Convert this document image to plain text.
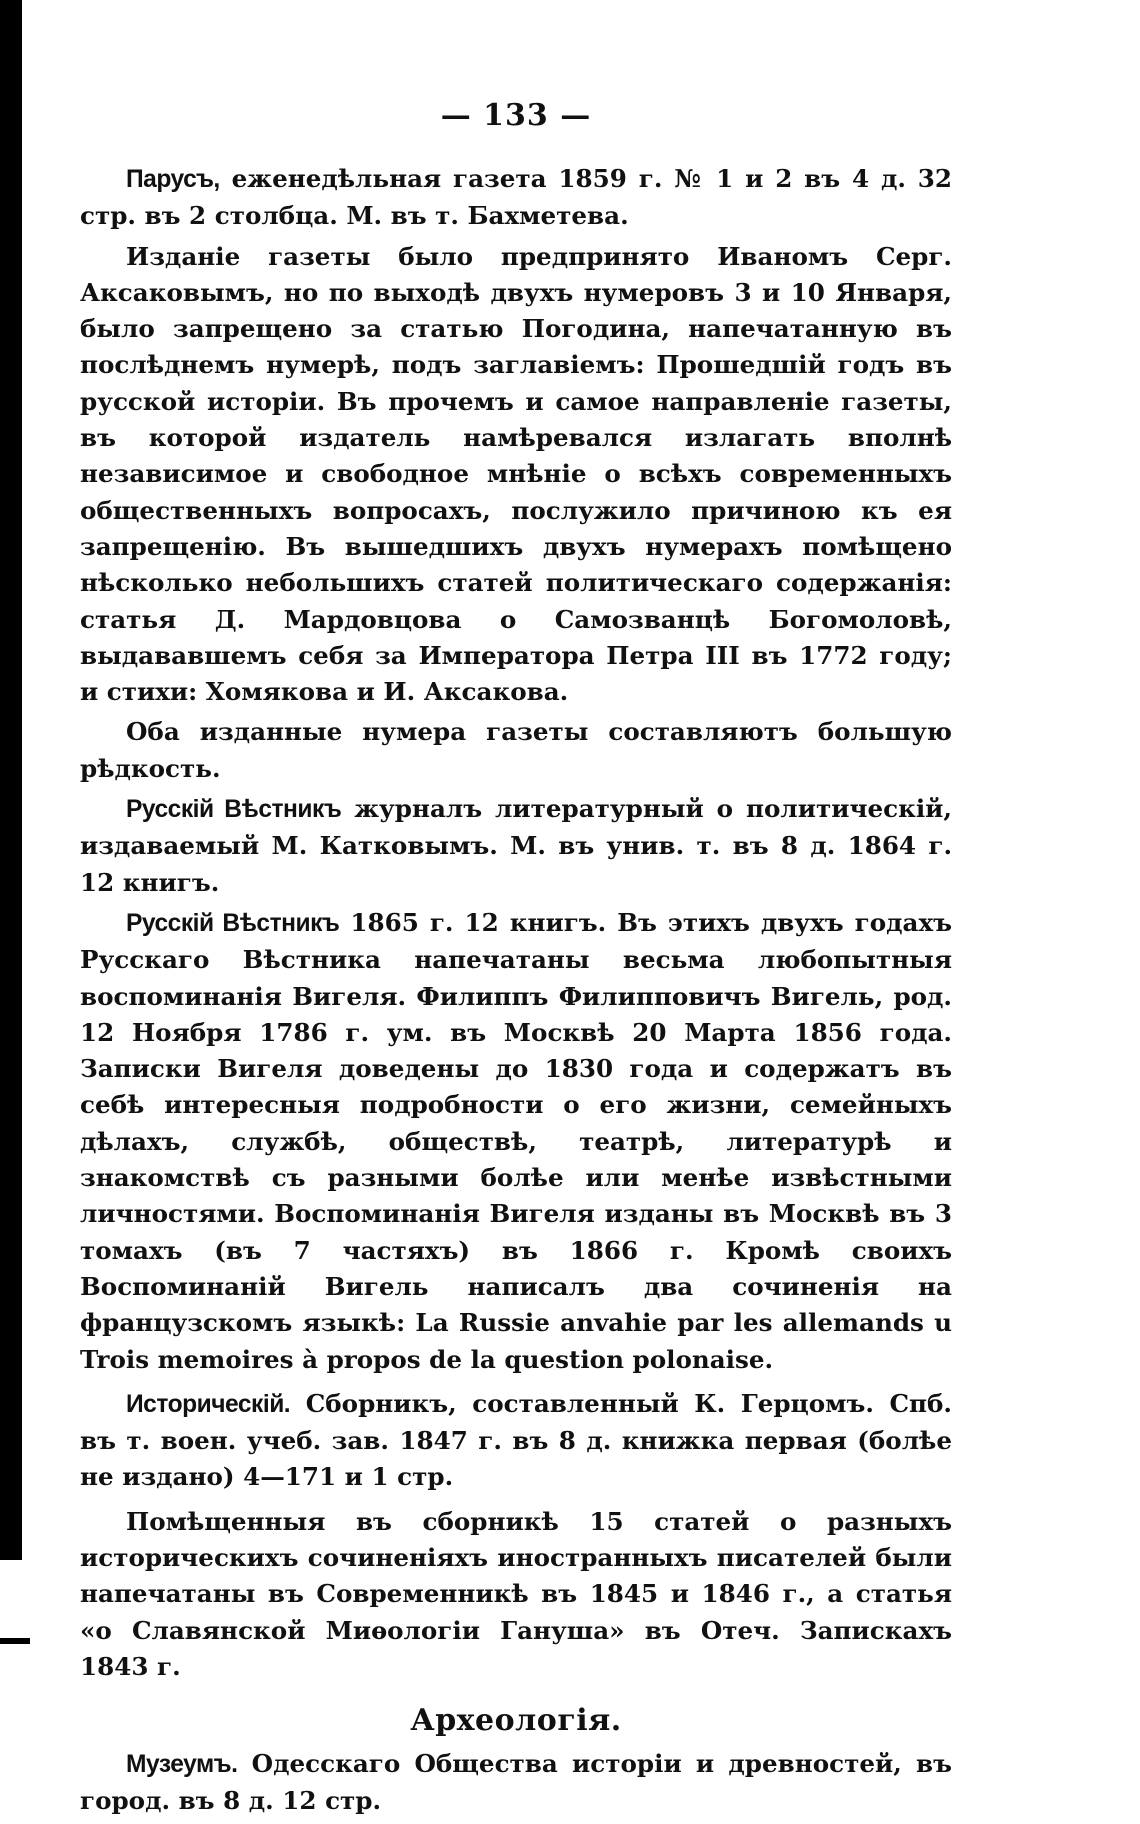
— 133 —

Парусъ, еженедѣльная газета 1859 г. № 1 и 2 въ 4 д. 32 стр. въ 2 столбца. М. въ т. Бахметева.

Изданіе газеты было предпринято Иваномъ Серг. Аксаковымъ, но по выходѣ двухъ нумеровъ 3 и 10 Января, было запрещено за статью Погодина, напечатанную въ послѣднемъ нумерѣ, подъ заглавіемъ: Прошедшій годъ въ русской исторіи. Въ прочемъ и самое направленіе газеты, въ которой издатель намѣревался излагать вполнѣ независимое и свободное мнѣніе о всѣхъ современныхъ общественныхъ вопросахъ, послужило причиною къ ея запрещенію. Въ вышедшихъ двухъ нумерахъ помѣщено нѣсколько небольшихъ статей политическаго содержанія: статья Д. Мардовцова о Самозванцѣ Богомоловѣ, выдававшемъ себя за Императора Петра III въ 1772 году; и стихи: Хомякова и И. Аксакова.

Оба изданные нумера газеты составляютъ большую рѣдкость.

Русскій Вѣстникъ журналъ литературный о политическій, издаваемый М. Катковымъ. М. въ унив. т. въ 8 д. 1864 г. 12 книгъ.

Русскій Вѣстникъ 1865 г. 12 книгъ. Въ этихъ двухъ годахъ Русскаго Вѣстника напечатаны весьма любопытныя воспоминанія Вигеля. Филиппъ Филипповичъ Вигель, род. 12 Ноября 1786 г. ум. въ Москвѣ 20 Марта 1856 года. Записки Вигеля доведены до 1830 года и содержатъ въ себѣ интересныя подробности о его жизни, семейныхъ дѣлахъ, службѣ, обществѣ, театрѣ, литературѣ и знакомствѣ съ разными болѣе или менѣе извѣстными личностями. Воспоминанія Вигеля изданы въ Москвѣ въ 3 томахъ (въ 7 частяхъ) въ 1866 г. Кромѣ своихъ Воспоминаній Вигель написалъ два сочиненія на французскомъ языкѣ: La Russie anvahie par les allemands u Trois memoires à propos de la question polonaise.

Историческій. Сборникъ, составленный К. Герцомъ. Спб. въ т. воен. учеб. зав. 1847 г. въ 8 д. книжка первая (болѣе не издано) 4—171 и 1 стр.

Помѣщенныя въ сборникѣ 15 статей о разныхъ историческихъ сочиненіяхъ иностранныхъ писателей были напечатаны въ Современникѣ въ 1845 и 1846 г., а статья «о Славянской Миѳологіи Гануша» въ Отеч. Запискахъ 1843 г.

Археологія.

Музеумъ. Одесскаго Общества исторіи и древностей, въ город. въ 8 д. 12 стр.
